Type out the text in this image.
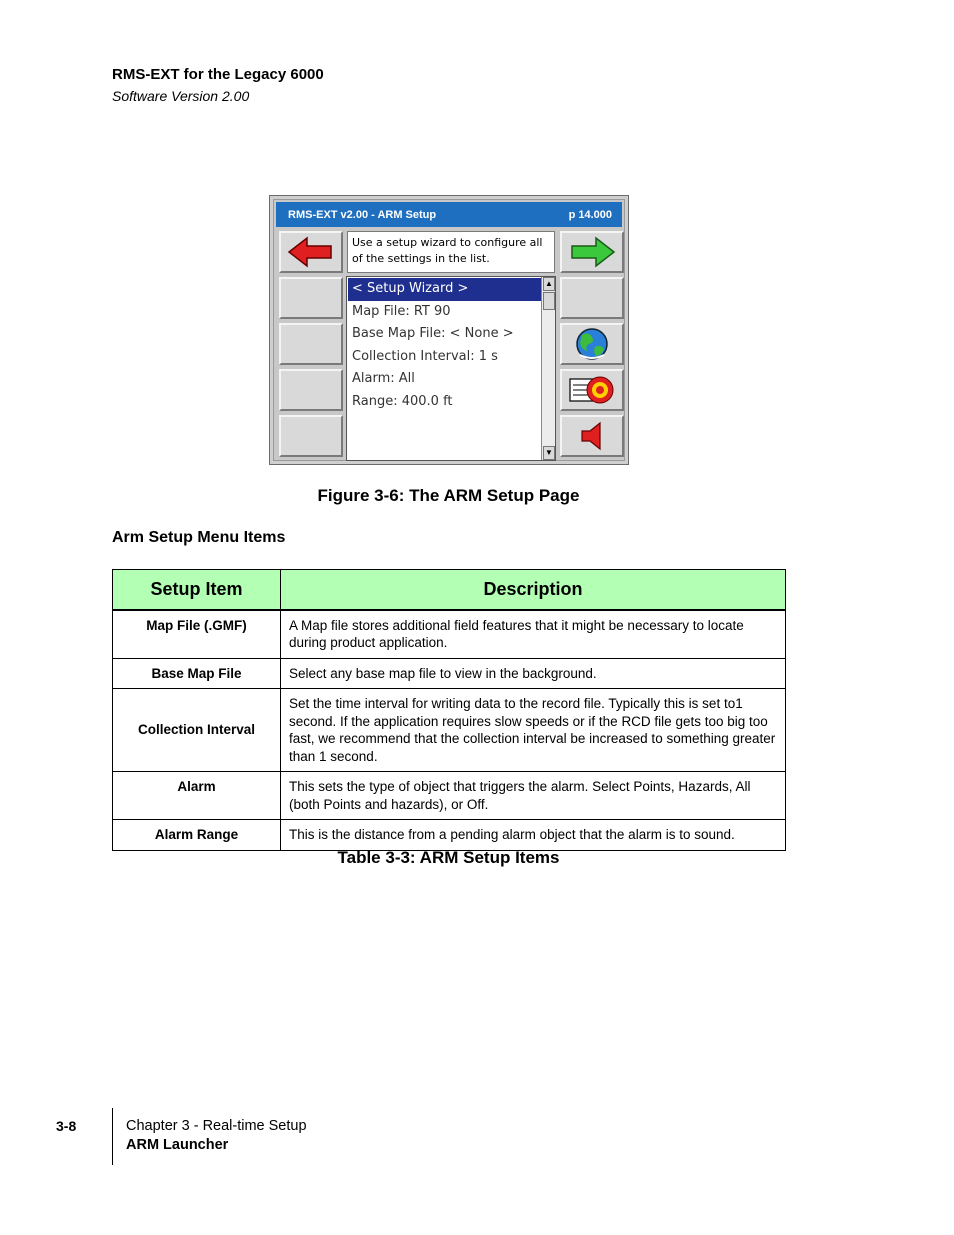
RMS-EXT for the Legacy 6000
Software Version 2.00
RMS-EXT v2.00 - ARM Setup	p 14.000
Use a setup wizard to configure all of the settings in the list.
< Setup Wizard >
Map File: RT 90
Base Map File: < None >
Collection Interval: 1 s
Alarm: All
Range: 400.0 ft
▲
▼
Figure 3-6: The ARM Setup Page
Arm Setup Menu Items
Setup Item	Description
Map File (.GMF)	A Map file stores additional field features that it might be necessary to locate during product application.
Base Map File	Select any base map file to view in the background.
Collection Interval	Set the time interval for writing data to the record file. Typically this is set to1 second. If the application requires slow speeds or if the RCD file gets too big too fast, we recommend that the collection interval be increased to something greater than 1 second.
Alarm	This sets the type of object that triggers the alarm. Select Points, Hazards, All (both Points and hazards), or Off.
Alarm Range	This is the distance from a pending alarm object that the alarm is to sound.
Table 3-3: ARM Setup Items
3-8	Chapter 3 - Real-time Setup
ARM Launcher
